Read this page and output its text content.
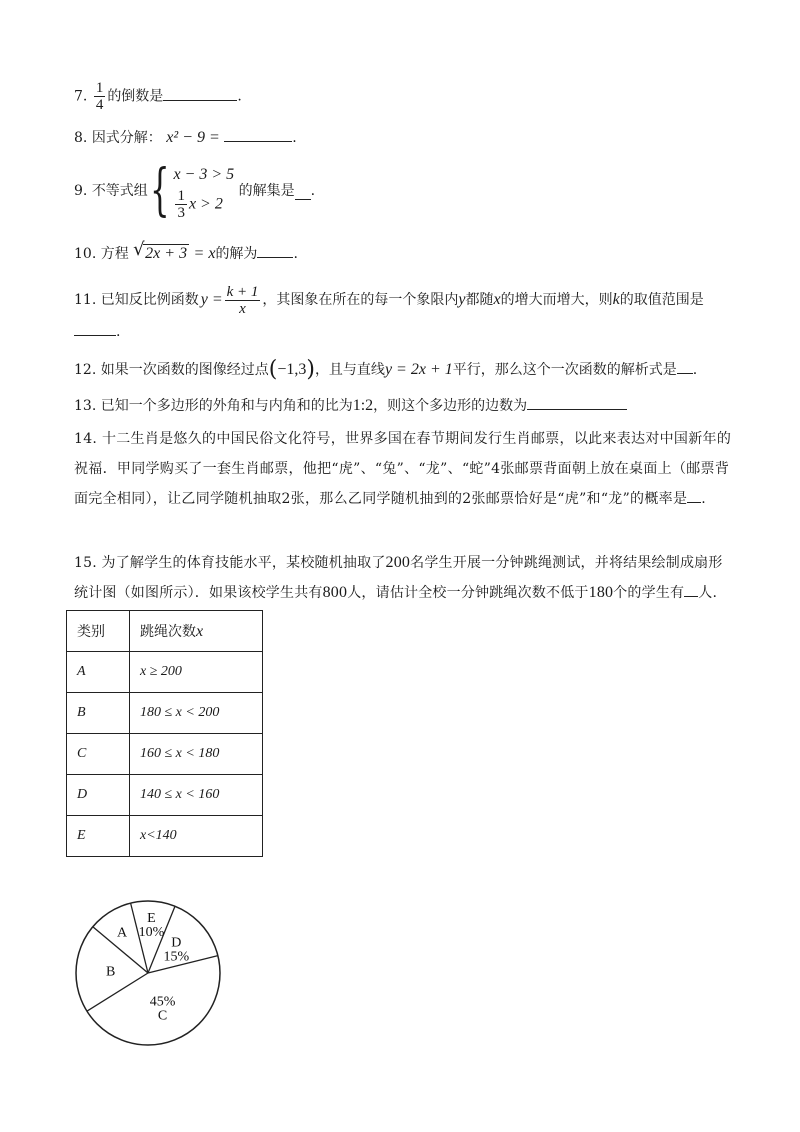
7. $\frac{1}{4}$ 的倒数是	.
8. 因式分解： x² − 9 =	.
9.
不等式组 { x − 3 > 5
$\frac{1}{3}$ x > 2

的解集是 .
10. 方程 √ 2x + 3 = x的解为	.
11.
已知反比例函数 $y = \frac{k + 1}{x}$ ，其图象在所在的每一个象限内 y 都随 x 的增大而增大，则 k 的取值范围是
.
12. 如果一次函数的图像经过点(−1,3)，且与直线y = 2x + 1平行，那么这个一次函数的解析式是 .
13. 已知一个多边形的外角和与内角和的比为1:2，则这个多边形的边数为
14. 十二生肖是悠久的中国民俗文化符号，世界多国在春节期间发行生肖邮票，以此来表达对中国新年的祝福．甲同学购买了一套生肖邮票，他把“虎”、“兔”、“龙”、“蛇”4张邮票背面朝上放在桌面上（邮票背面完全相同），让乙同学随机抽取2张，那么乙同学随机抽到的2张邮票恰好是“虎”和“龙”的概率是 .
15. 为了解学生的体育技能水平，某校随机抽取了200名学生开展一分钟跳绳测试，并将结果绘制成扇形统计图（如图所示）．如果该校学生共有800人，请估计全校一分钟跳绳次数不低于180个的学生有 人.
类别	跳绳次数x
A	x ≥ 200
B	180 ≤ x < 200
C	160 ≤ x < 180
D	140 ≤ x < 160
E	x<140
E
10%
D
15%
45%
C
B
A
